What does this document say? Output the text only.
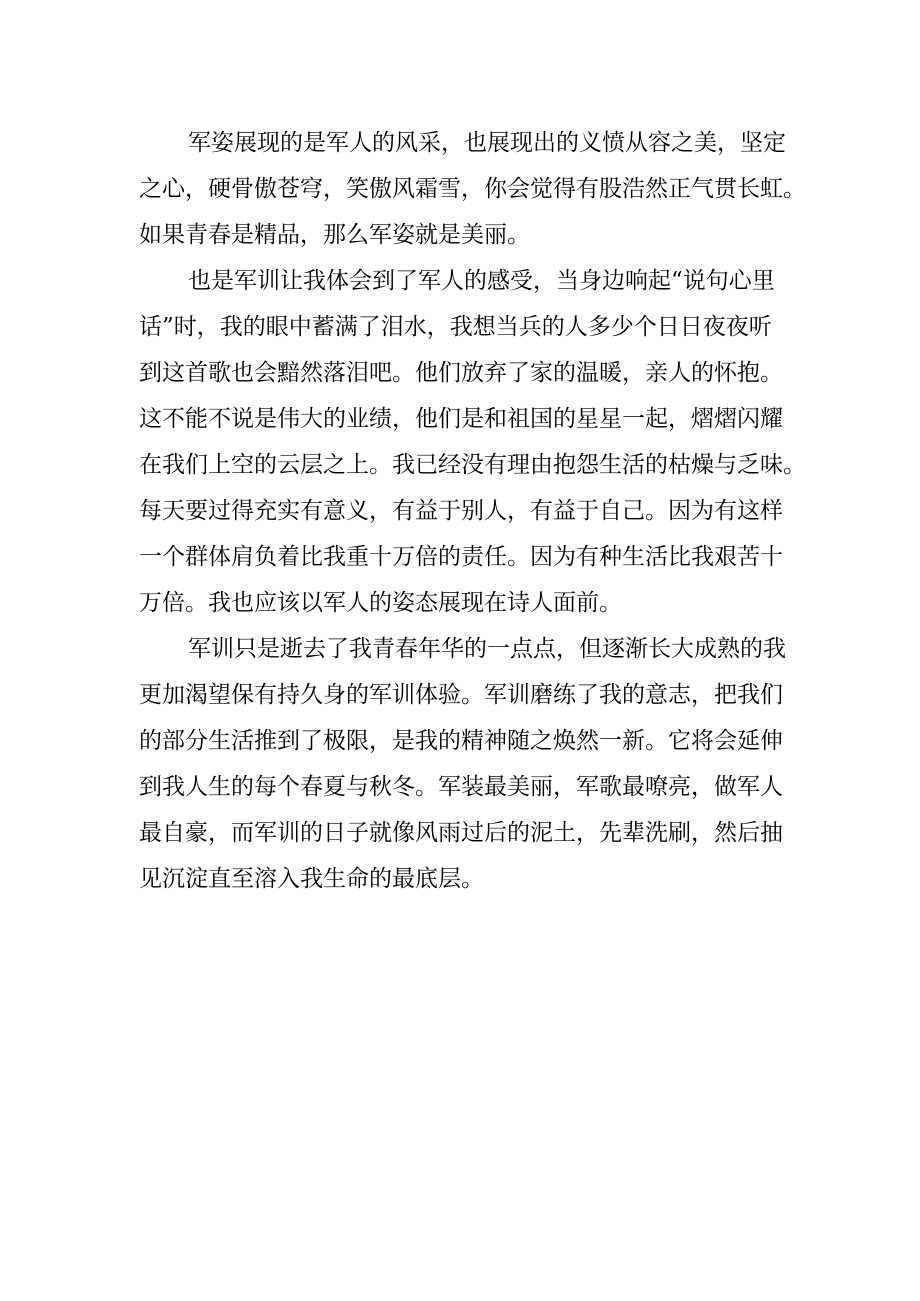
军姿展现的是军人的风采，也展现出的义愤从容之美，坚定
之心，硬骨傲苍穹，笑傲风霜雪，你会觉得有股浩然正气贯长虹。
如果青春是精品，那么军姿就是美丽。
也是军训让我体会到了军人的感受，当身边响起“说句心里
话”时，我的眼中蓄满了泪水，我想当兵的人多少个日日夜夜听
到这首歌也会黯然落泪吧。他们放弃了家的温暖，亲人的怀抱。
这不能不说是伟大的业绩，他们是和祖国的星星一起，熠熠闪耀
在我们上空的云层之上。我已经没有理由抱怨生活的枯燥与乏味。
每天要过得充实有意义，有益于别人，有益于自己。因为有这样
一个群体肩负着比我重十万倍的责任。因为有种生活比我艰苦十
万倍。我也应该以军人的姿态展现在诗人面前。
军训只是逝去了我青春年华的一点点，但逐渐长大成熟的我
更加渴望保有持久身的军训体验。军训磨练了我的意志，把我们
的部分生活推到了极限，是我的精神随之焕然一新。它将会延伸
到我人生的每个春夏与秋冬。军装最美丽，军歌最嘹亮，做军人
最自豪，而军训的日子就像风雨过后的泥土，先辈洗刷，然后抽
见沉淀直至溶入我生命的最底层。
